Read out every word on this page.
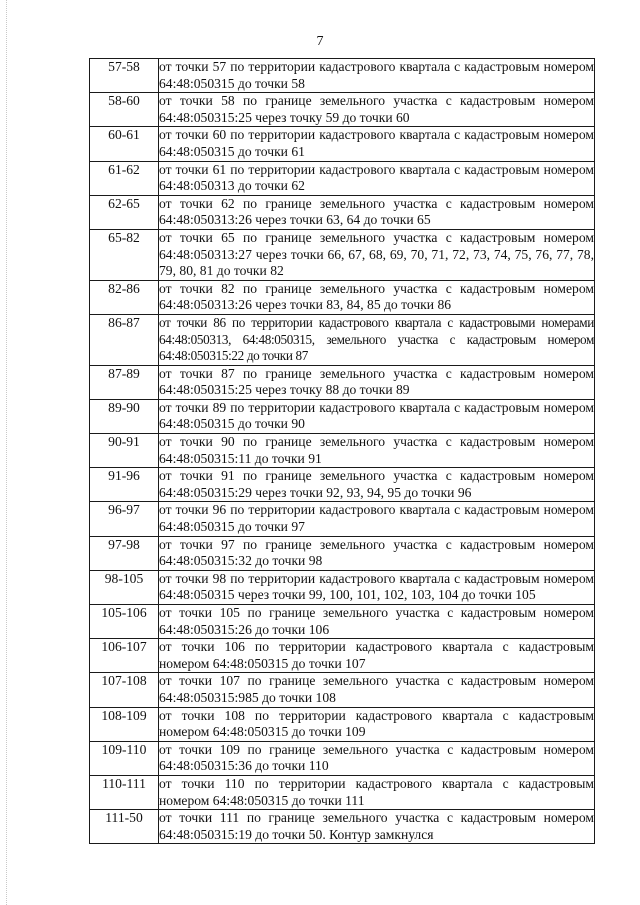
7
57-58	от точки 57 по территории кадастрового квартала с кадастровым номером 64:48:050315 до точки 58

58-60	от точки 58 по границе земельного участка с кадастровым номером 64:48:050315:25 через точку 59 до точки 60

60-61	от точки 60 по территории кадастрового квартала с кадастровым номером 64:48:050315 до точки 61

61-62	от точки 61 по территории кадастрового квартала с кадастровым номером 64:48:050313 до точки 62

62-65	от точки 62 по границе земельного участка с кадастровым номером 64:48:050313:26 через точки 63, 64 до точки 65

65-82	от точки 65 по границе земельного участка с кадастровым номером 64:48:050313:27 через точки 66, 67, 68, 69, 70, 71, 72, 73, 74, 75, 76, 77, 78, 79, 80, 81 до точки 82

82-86	от точки 82 по границе земельного участка с кадастровым номером 64:48:050313:26 через точки 83, 84, 85 до точки 86

86-87	от точки 86 по территории кадастрового квартала с кадастровыми номерами 64:48:050313, 64:48:050315, земельного участка с кадастровым номером 64:48:050315:22 до точки 87

87-89	от точки 87 по границе земельного участка с кадастровым номером 64:48:050315:25 через точку 88 до точки 89

89-90	от точки 89 по территории кадастрового квартала с кадастровым номером 64:48:050315 до точки 90

90-91	от точки 90 по границе земельного участка с кадастровым номером 64:48:050315:11 до точки 91

91-96	от точки 91 по границе земельного участка с кадастровым номером 64:48:050315:29 через точки 92, 93, 94, 95 до точки 96

96-97	от точки 96 по территории кадастрового квартала с кадастровым номером 64:48:050315 до точки 97

97-98	от точки 97 по границе земельного участка с кадастровым номером 64:48:050315:32 до точки 98

98-105	от точки 98 по территории кадастрового квартала с кадастровым номером 64:48:050315 через точки 99, 100, 101, 102, 103, 104 до точки 105

105-106	от точки 105 по границе земельного участка с кадастровым номером 64:48:050315:26 до точки 106

106-107	от точки 106 по территории кадастрового квартала с кадастровым номером 64:48:050315 до точки 107

107-108	от точки 107 по границе земельного участка с кадастровым номером 64:48:050315:985 до точки 108

108-109	от точки 108 по территории кадастрового квартала с кадастровым номером 64:48:050315 до точки 109

109-110	от точки 109 по границе земельного участка с кадастровым номером 64:48:050315:36 до точки 110

110-111	от точки 110 по территории кадастрового квартала с кадастровым номером 64:48:050315 до точки 111

111-50	от точки 111 по границе земельного участка с кадастровым номером 64:48:050315:19 до точки 50. Контур замкнулся
